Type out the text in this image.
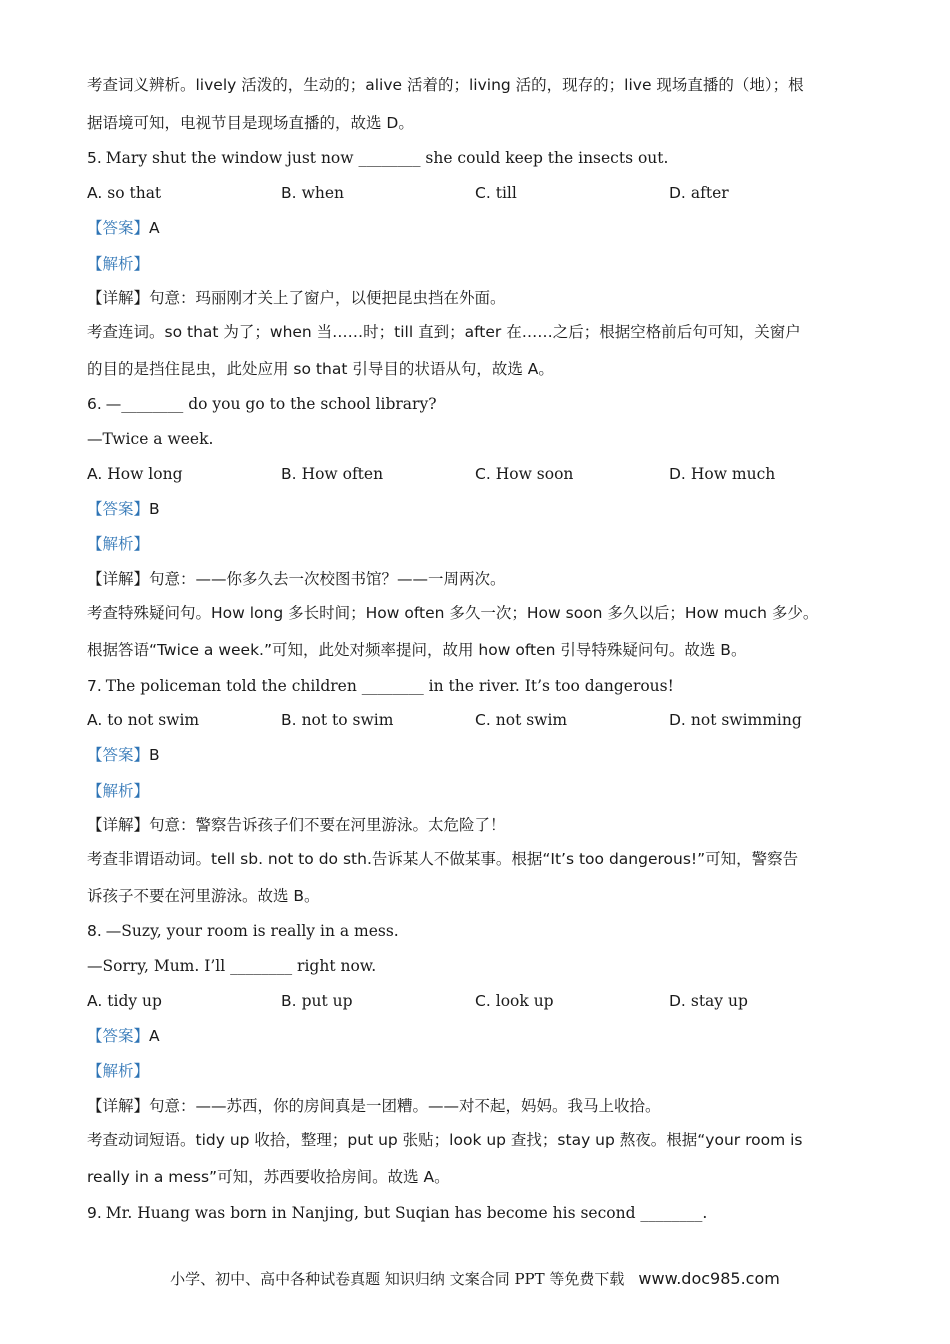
考查词义辨析。lively 活泼的，生动的；alive 活着的；living 活的，现存的；live 现场直播的（地）；根
据语境可知，电视节目是现场直播的，故选 D。
5. Mary shut the window just now ________ she could keep the insects out.
A. so that	B. when	C. till	D. after
【答案】A
【解析】
【详解】句意：玛丽刚才关上了窗户，以便把昆虫挡在外面。
考查连词。so that 为了；when 当……时；till 直到；after 在……之后；根据空格前后句可知，关窗户
的目的是挡住昆虫，此处应用 so that 引导目的状语从句，故选 A。
6. —________ do you go to the school library?
—Twice a week.
A. How long	B. How often	C. How soon	D. How much
【答案】B
【解析】
【详解】句意：——你多久去一次校图书馆？——一周两次。
考查特殊疑问句。How long 多长时间；How often 多久一次；How soon 多久以后；How much 多少。
根据答语“Twice a week.”可知，此处对频率提问，故用 how often 引导特殊疑问句。故选 B。
7. The policeman told the children ________ in the river. It’s too dangerous!
A. to not swim	B. not to swim	C. not swim	D. not swimming
【答案】B
【解析】
【详解】句意：警察告诉孩子们不要在河里游泳。太危险了！
考查非谓语动词。tell sb. not to do sth.告诉某人不做某事。根据“It’s too dangerous!”可知，警察告
诉孩子不要在河里游泳。故选 B。
8. —Suzy, your room is really in a mess.
—Sorry, Mum. I’ll ________ right now.
A. tidy up	B. put up	C. look up	D. stay up
【答案】A
【解析】
【详解】句意：——苏西，你的房间真是一团糟。——对不起，妈妈。我马上收拾。
考查动词短语。tidy up 收拾，整理；put up 张贴；look up 查找；stay up 熬夜。根据“your room is
really in a mess”可知，苏西要收拾房间。故选 A。
9. Mr. Huang was born in Nanjing, but Suqian has become his second ________.
小学、初中、高中各种试卷真题 知识归纳 文案合同 PPT 等免费下载 www.doc985.com
